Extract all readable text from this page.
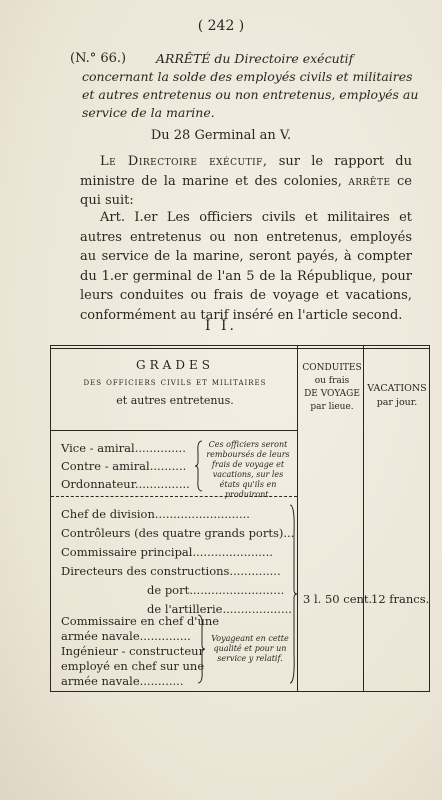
( 242 )
(N.° 66.)	ARRÊTÉ du Directoire exécutif concernant la solde des employés civils et militaires et autres entretenus ou non entretenus, employés au service de la marine.
Du 28 Germinal an V.
Le Directoire exécutif, sur le rapport du ministre de la marine et des colonies, arrête ce qui suit:
Art. I.er Les officiers civils et militaires et autres entretenus ou non entretenus, employés au service de la marine, seront payés, à compter du 1.er germinal de l'an 5 de la République, pour leurs conduites ou frais de voyage et vacations, conformément au tarif inséré en l'article second.
I I.
GRADES
des officiers civils et militaires
et autres entretenus.
CONDUITES
ou frais
DE VOYAGE
par lieue.
VACATIONS
par jour.
Vice - amiral..............
Contre - amiral..........
Ordonnateur...............
Ces officiers seront remboursés de leurs frais de voyage et vacations, sur les états qu'ils en produiront.
Chef de division..........................
Contrôleurs (des quatre grands ports)...
Commissaire principal......................
Directeurs des constructions..............
de port..........................
de l'artillerie...................
Commissaire en chef d'une
armée navale..............
Ingénieur - constructeur
employé en chef sur une
armée navale............
Voyageant en cette qualité et pour un service y relatif.
3 l. 50 cent.
12 francs.
